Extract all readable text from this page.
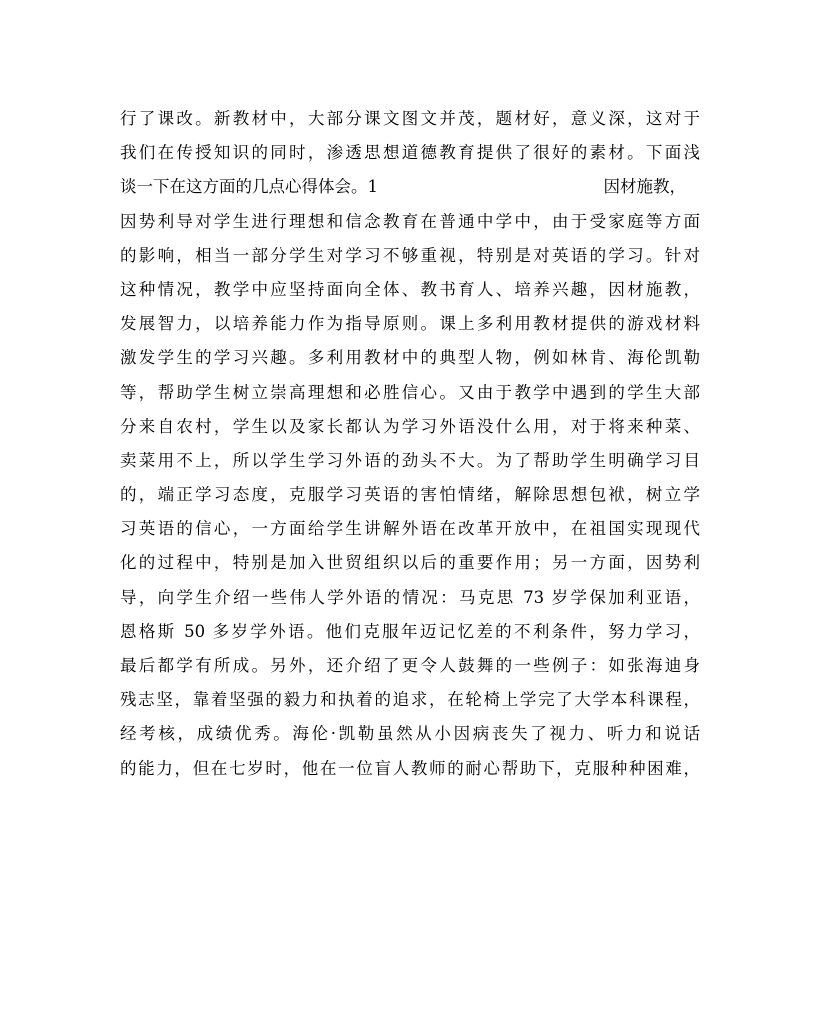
行了课改。新教材中，大部分课文图文并茂，题材好，意义深，这对于
我们在传授知识的同时，渗透思想道德教育提供了很好的素材。下面浅
谈一下在这方面的几点心得体会。1	因材施教，
因势利导对学生进行理想和信念教育在普通中学中，由于受家庭等方面
的影响，相当一部分学生对学习不够重视，特别是对英语的学习。针对
这种情况，教学中应坚持面向全体、教书育人、培养兴趣，因材施教，
发展智力，以培养能力作为指导原则。课上多利用教材提供的游戏材料
激发学生的学习兴趣。多利用教材中的典型人物，例如林肯、海伦凯勒
等，帮助学生树立崇高理想和必胜信心。又由于教学中遇到的学生大部
分来自农村，学生以及家长都认为学习外语没什么用，对于将来种菜、
卖菜用不上，所以学生学习外语的劲头不大。为了帮助学生明确学习目
的，端正学习态度，克服学习英语的害怕情绪，解除思想包袱，树立学
习英语的信心，一方面给学生讲解外语在改革开放中，在祖国实现现代
化的过程中，特别是加入世贸组织以后的重要作用；另一方面，因势利
导，向学生介绍一些伟人学外语的情况：马克思 73 岁学保加利亚语，
恩格斯 50 多岁学外语。他们克服年迈记忆差的不利条件，努力学习，
最后都学有所成。另外，还介绍了更令人鼓舞的一些例子：如张海迪身
残志坚，靠着坚强的毅力和执着的追求，在轮椅上学完了大学本科课程，
经考核，成绩优秀。海伦·凯勒虽然从小因病丧失了视力、听力和说话
的能力，但在七岁时，他在一位盲人教师的耐心帮助下，克服种种困难，
